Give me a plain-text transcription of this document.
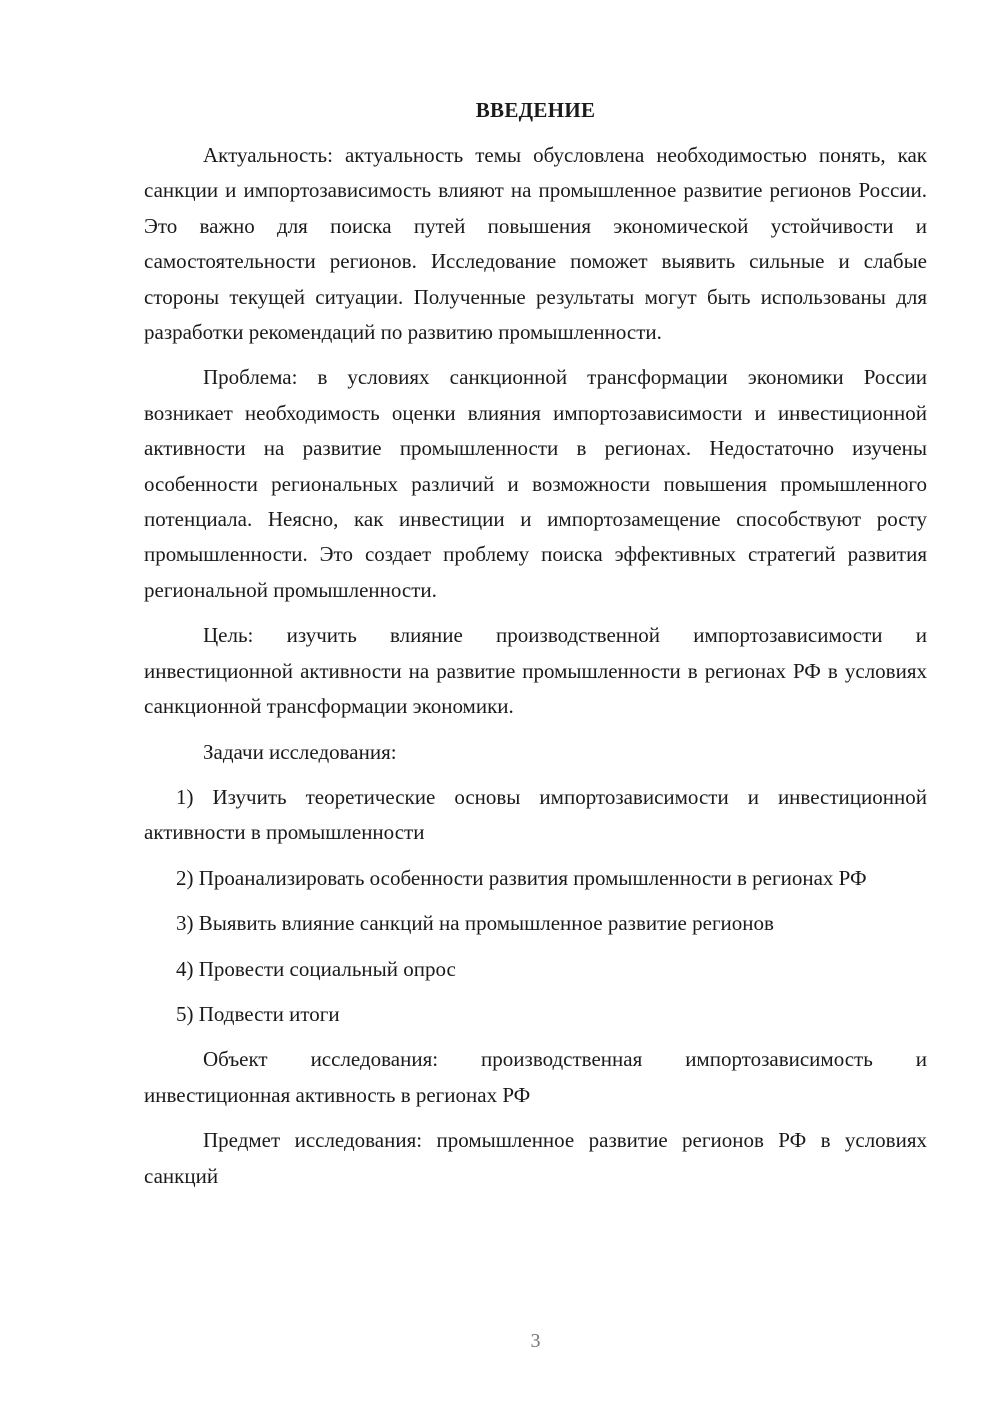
ВВЕДЕНИЕ

Актуальность: актуальность темы обусловлена необходимостью понять, как санкции и импортозависимость влияют на промышленное развитие регионов России. Это важно для поиска путей повышения экономической устойчивости и самостоятельности регионов. Исследование поможет выявить сильные и слабые стороны текущей ситуации. Полученные результаты могут быть использованы для разработки рекомендаций по развитию промышленности.

Проблема: в условиях санкционной трансформации экономики России возникает необходимость оценки влияния импортозависимости и инвестиционной активности на развитие промышленности в регионах. Недостаточно изучены особенности региональных различий и возможности повышения промышленного потенциала. Неясно, как инвестиции и импортозамещение способствуют росту промышленности. Это создает проблему поиска эффективных стратегий развития региональной промышленности.

Цель: изучить влияние производственной импортозависимости и инвестиционной активности на развитие промышленности в регионах РФ в условиях санкционной трансформации экономики.

Задачи исследования:

1) Изучить теоретические основы импортозависимости и инвестиционной активности в промышленности

2) Проанализировать особенности развития промышленности в регионах РФ

3) Выявить влияние санкций на промышленное развитие регионов

4) Провести социальный опрос

5) Подвести итоги

Объект исследования: производственная импортозависимость и инвестиционная активность в регионах РФ

Предмет исследования: промышленное развитие регионов РФ в условиях санкций

3
